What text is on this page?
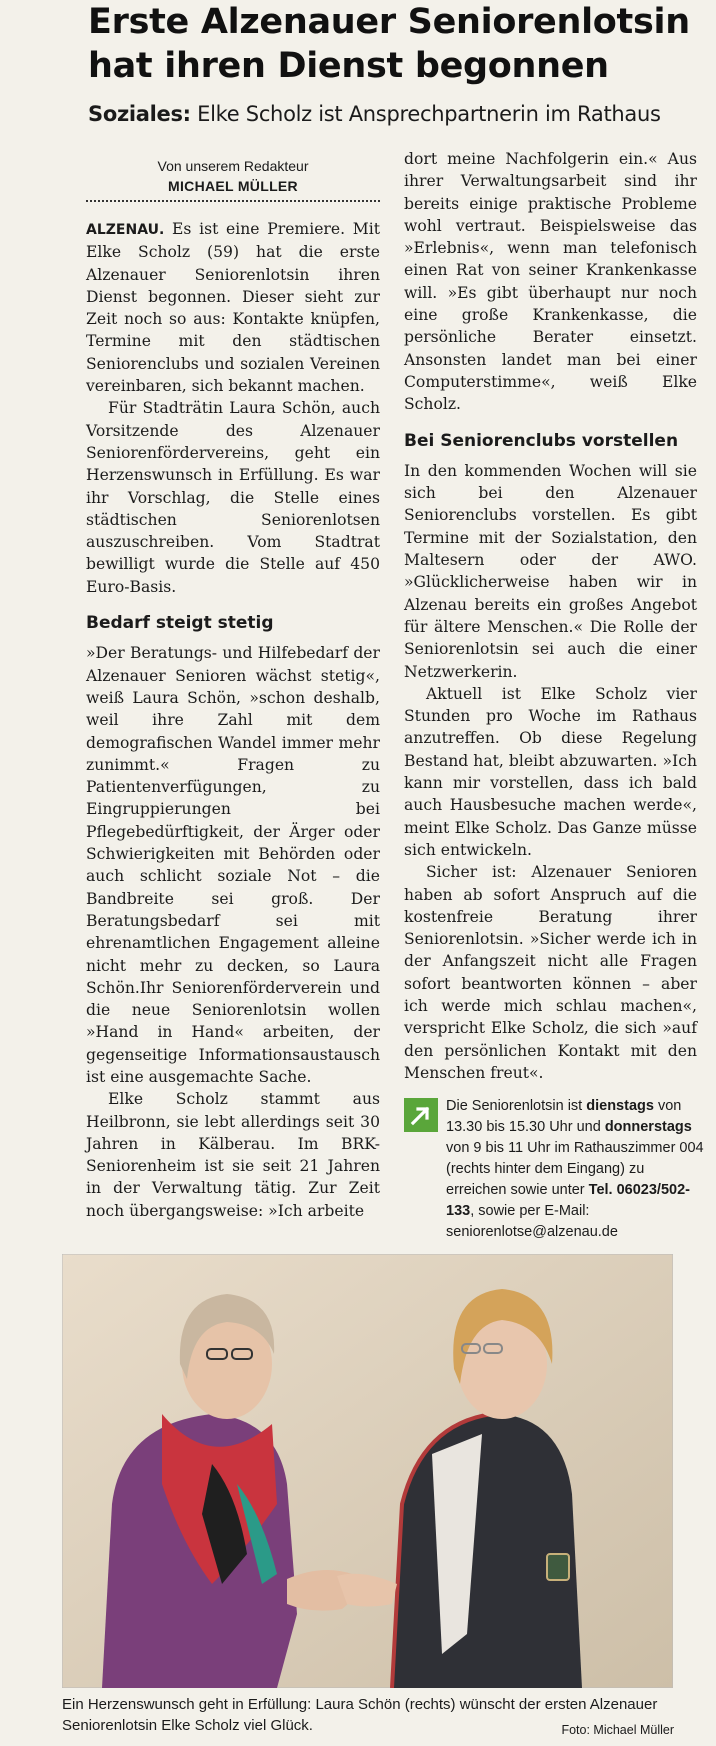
Erste Alzenauer Seniorenlotsin
hat ihren Dienst begonnen
Soziales: Elke Scholz ist Ansprechpartnerin im Rathaus
Von unserem Redakteur
MICHAEL MÜLLER

ALZENAU. Es ist eine Premiere. Mit Elke Scholz (59) hat die erste Alzenauer Seniorenlotsin ihren Dienst begonnen. Dieser sieht zur Zeit noch so aus: Kontakte knüpfen, Termine mit den städtischen Seniorenclubs und sozialen Vereinen vereinbaren, sich bekannt machen.

Für Stadträtin Laura Schön, auch Vorsitzende des Alzenauer Seniorenfördervereins, geht ein Herzenswunsch in Erfüllung. Es war ihr Vorschlag, die Stelle eines städtischen Seniorenlotsen auszuschreiben. Vom Stadtrat bewilligt wurde die Stelle auf 450 Euro-Basis.

Bedarf steigt stetig

»Der Beratungs- und Hilfebedarf der Alzenauer Senioren wächst stetig«, weiß Laura Schön, »schon deshalb, weil ihre Zahl mit dem demografischen Wandel immer mehr zunimmt.« Fragen zu Patientenverfügungen, zu Eingruppierungen bei Pflegebedürftigkeit, der Ärger oder Schwierigkeiten mit Behörden oder auch schlicht soziale Not – die Bandbreite sei groß. Der Beratungsbedarf sei mit ehrenamtlichen Engagement alleine nicht mehr zu decken, so Laura Schön.Ihr Seniorenförderverein und die neue Seniorenlotsin wollen »Hand in Hand« arbeiten, der gegenseitige Informationsaustausch ist eine ausgemachte Sache.

Elke Scholz stammt aus Heilbronn, sie lebt allerdings seit 30 Jahren in Kälberau. Im BRK-Seniorenheim ist sie seit 21 Jahren in der Verwaltung tätig. Zur Zeit noch übergangsweise: »Ich arbeite

dort meine Nachfolgerin ein.« Aus ihrer Verwaltungsarbeit sind ihr bereits einige praktische Probleme wohl vertraut. Beispielsweise das »Erlebnis«, wenn man telefonisch einen Rat von seiner Krankenkasse will. »Es gibt überhaupt nur noch eine große Krankenkasse, die persönliche Berater einsetzt. Ansonsten landet man bei einer Computerstimme«, weiß Elke Scholz.

Bei Seniorenclubs vorstellen

In den kommenden Wochen will sie sich bei den Alzenauer Seniorenclubs vorstellen. Es gibt Termine mit der Sozialstation, den Maltesern oder der AWO. »Glücklicherweise haben wir in Alzenau bereits ein großes Angebot für ältere Menschen.« Die Rolle der Seniorenlotsin sei auch die einer Netzwerkerin.

Aktuell ist Elke Scholz vier Stunden pro Woche im Rathaus anzutreffen. Ob diese Regelung Bestand hat, bleibt abzuwarten. »Ich kann mir vorstellen, dass ich bald auch Hausbesuche machen werde«, meint Elke Scholz. Das Ganze müsse sich entwickeln.

Sicher ist: Alzenauer Senioren haben ab sofort Anspruch auf die kostenfreie Beratung ihrer Seniorenlotsin. »Sicher werde ich in der Anfangszeit nicht alle Fragen sofort beantworten können – aber ich werde mich schlau machen«, verspricht Elke Scholz, die sich »auf den persönlichen Kontakt mit den Menschen freut«.

Die Seniorenlotsin ist dienstags von 13.30 bis 15.30 Uhr und donnerstags von 9 bis 11 Uhr im Rathauszimmer 004 (rechts hinter dem Eingang) zu erreichen sowie unter Tel. 06023/502-133, sowie per E-Mail: seniorenlotse@alzenau.de
Ein Herzenswunsch geht in Erfüllung: Laura Schön (rechts) wünscht der ersten Alzenauer Seniorenlotsin Elke Scholz viel Glück.	Foto: Michael Müller
